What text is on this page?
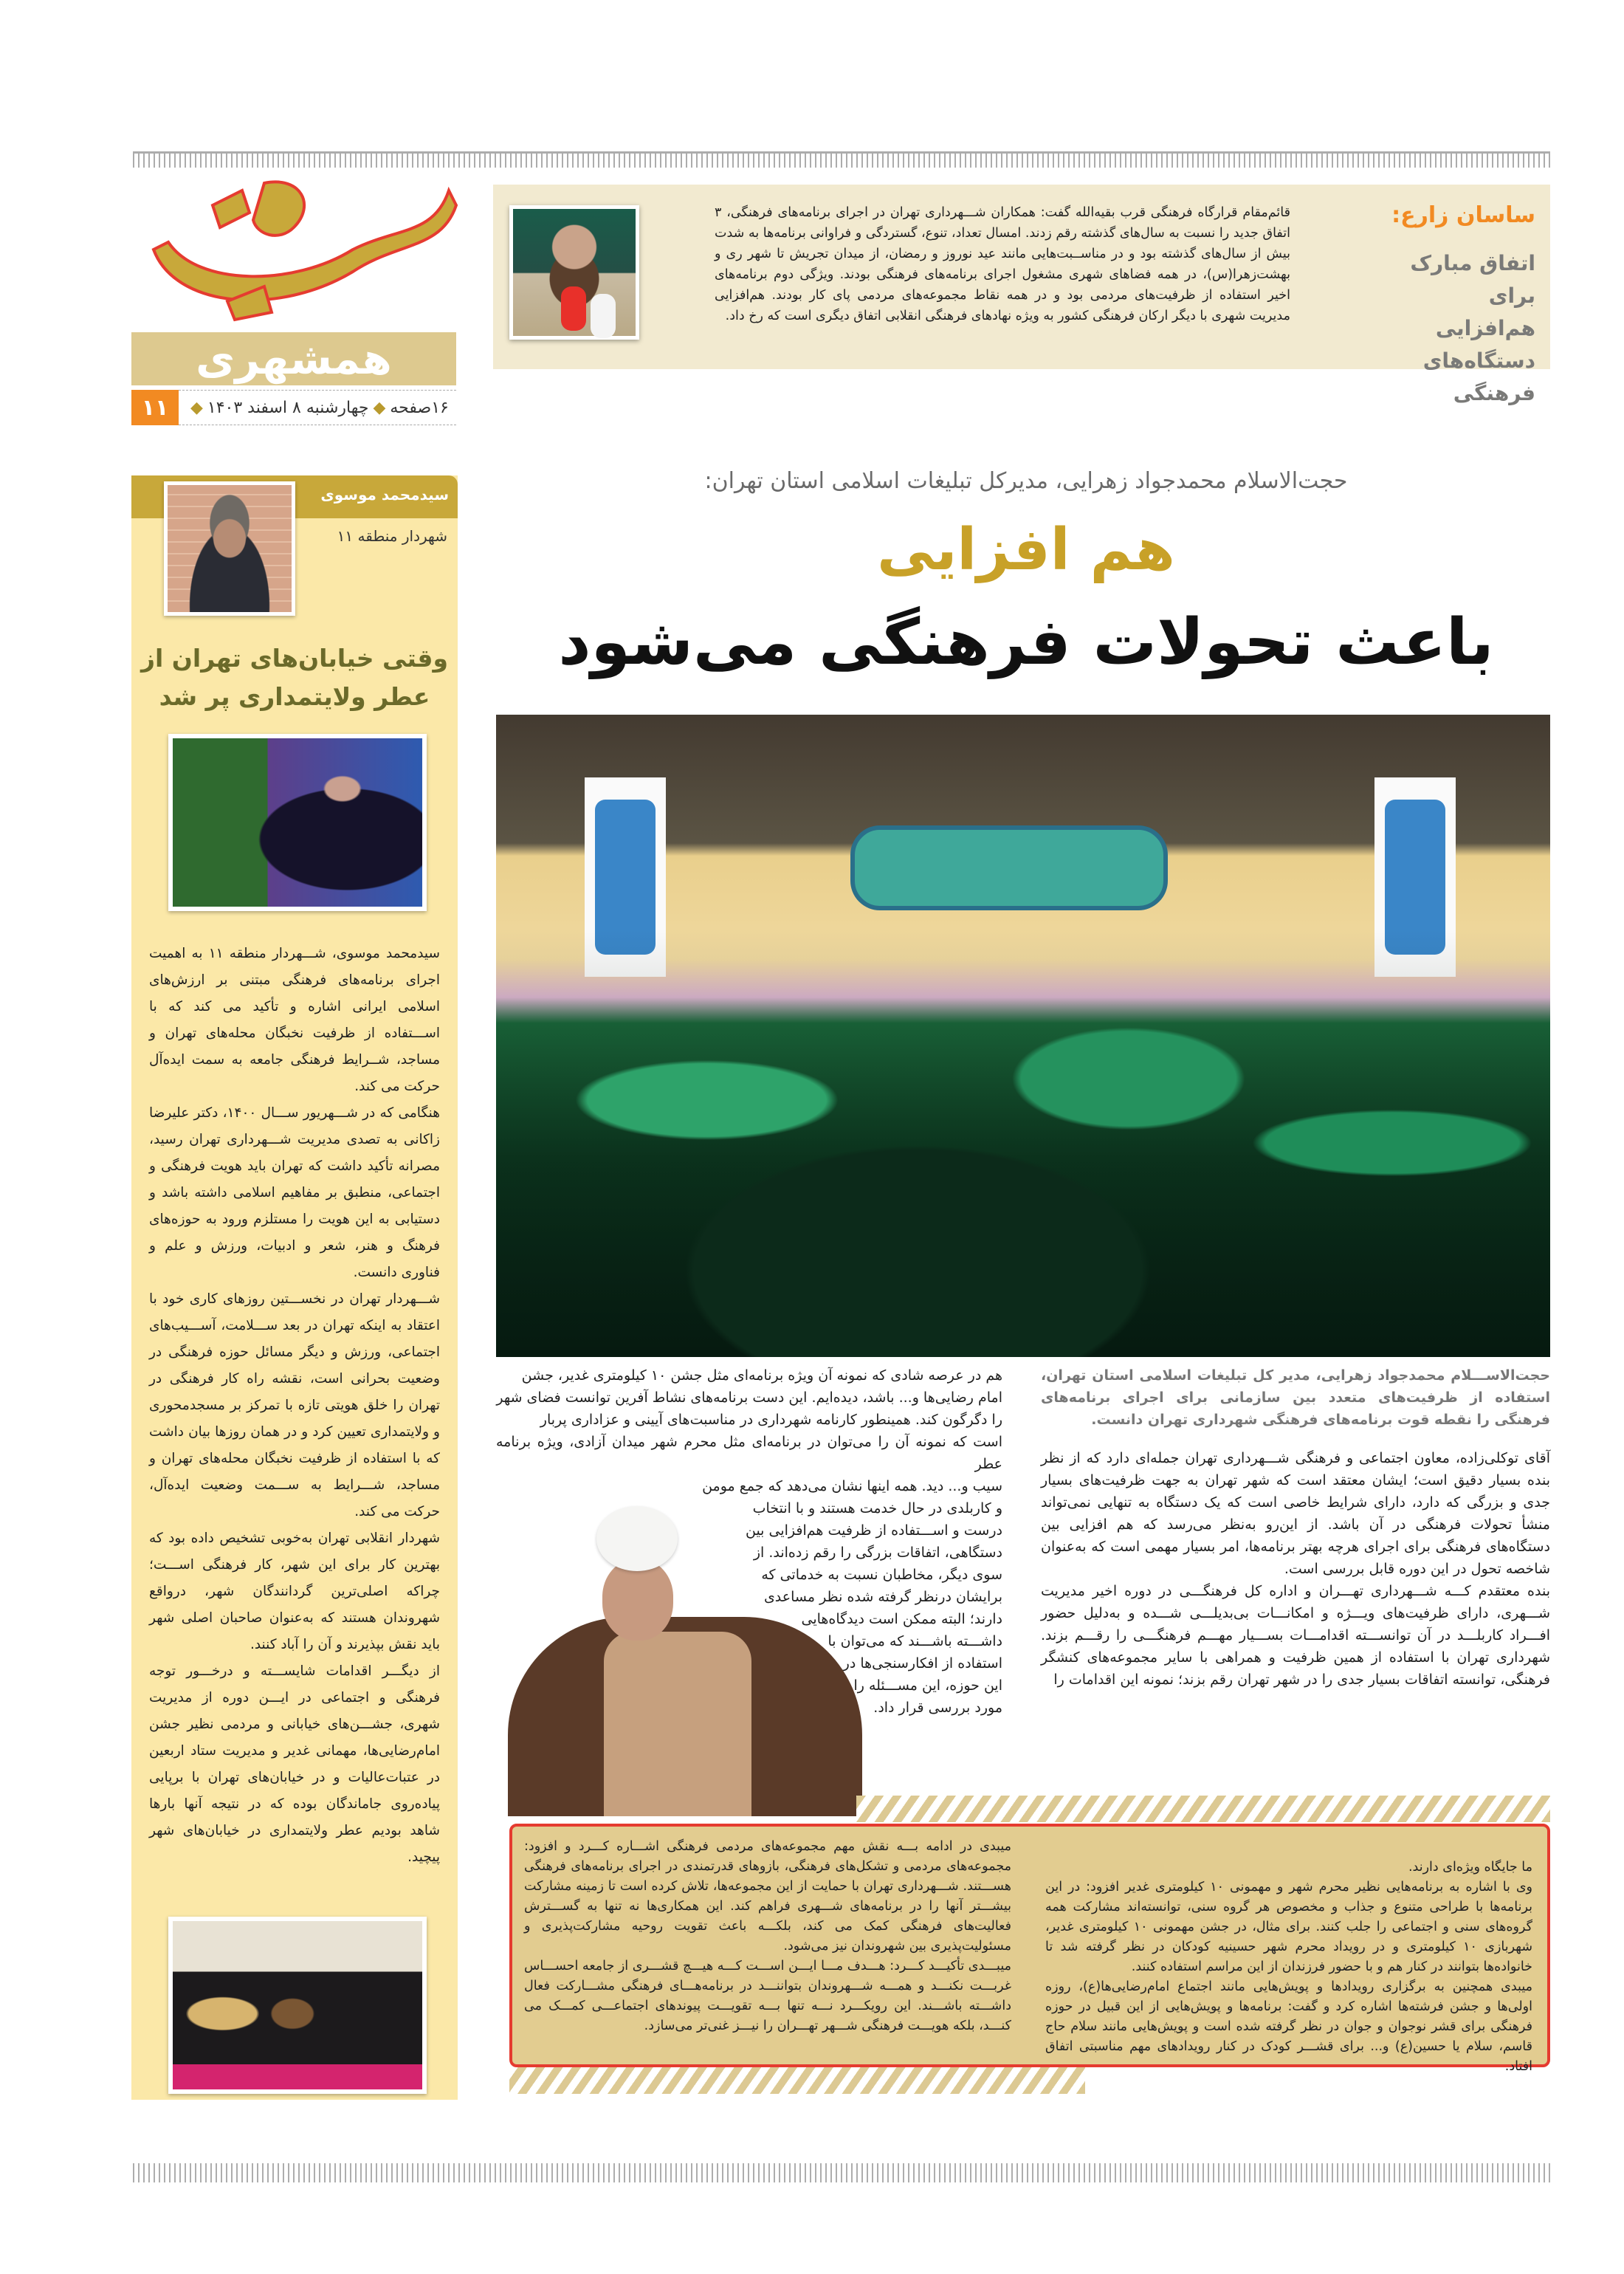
مسیر خدمت
همشهری
۱۱	۱۶صفحه
◆
چهارشنبه ۸ اسفند ۱۴۰۳
◆
ساسان زارع:
اتفاق مبارک برای هم‌افزایی دستگاه‌های فرهنگی
قائم‌مقام قرارگاه فرهنگی قرب بقیه‌الله گفت: همکاران شـــهرداری تهران در اجرای برنامه‌های فرهنگی، ۳ اتفاق جدید را نسبت به سال‌های گذشته رقم زدند. امسال تعداد، تنوع، گستردگی و فراوانی برنامه‌ها به شدت بیش از سال‌های گذشته بود و در مناســبت‌هایی مانند عید نوروز و رمضان، از میدان تجریش تا شهر ری و بهشت‌زهرا(س)، در همه فضاهای شهری مشغول اجرای برنامه‌های فرهنگی بودند. ویژگی دوم برنامه‌های اخیر استفاده از ظرفیت‌های مردمی بود و در همه نقاط مجموعه‌های مردمی پای کار بودند. هم‌افزایی مدیریت شهری با دیگر ارکان فرهنگی کشور به ویژه نهادهای فرهنگی انقلابی اتفاق دیگری است که رخ داد.
سیدمحمد موسوی
شهردار منطقه ۱۱
وقتی خیابان‌های تهران از عطر ولایتمداری پر شد

سیدمحمد موسوی، شـــهردار منطقه ۱۱ به اهمیت اجرای برنامه‌های فرهنگی مبتنی بر ارزش‌های اسلامی ایرانی اشاره و تأکید می کند که با اســـتفاده از ظرفیت نخبگان محله‌های تهران و مساجد، شــرایط فرهنگی جامعه به سمت ایده‌آل حرکت می کند.

هنگامی که در شـــهریور ســـال ۱۴۰۰، دکتر علیرضا زاکانی به تصدی مدیریت شـــهرداری تهران رسید، مصرانه تأکید داشت که تهران باید هویت فرهنگی و اجتماعی، منطبق بر مفاهیم اسلامی داشته باشد و دستیابی به این هویت را مستلزم ورود به حوزه‌های فرهنگ و هنر، شعر و ادبیات، ورزش و علم و فناوری دانست.

شـــهردار تهران در نخســـتین روزهای کاری خود با اعتقاد به اینکه تهران در بعد ســـلامت، آســـیب‌های اجتماعی، ورزش و دیگر مسائل حوزه فرهنگی در وضعیت بحرانی است، نقشه راه کار فرهنگی در تهران را خلق هویتی تازه با تمرکز بر مسجدمحوری و ولایتمداری تعیین کرد و در همان روزها بیان داشت که با استفاده از ظرفیت نخبگان محله‌های تهران و مساجد، شـــرایط به ســـمت وضعیت ایده‌آل، حرکت می کند.

شهردار انقلابی تهران به‌خوبی تشخیص داده بود که بهترین کار برای این شهر، کار فرهنگی اســـت؛ چراکه اصلی‌ترین گردانندگان شهر، درواقع شهروندان هستند که به‌عنوان صاحبان اصلی شهر باید نقش بپذیرند و آن را آباد کنند.

از دیگـــر اقدامات شایســـته و درخـــور توجه فرهنگی و اجتماعی در ایـــن دوره از مدیریت شهری، جشـــن‌های خیابانی و مردمی نظیر جشن امام‌رضایی‌ها، مهمانی غدیر و مدیریت ستاد اربعین در عتبات‌عالیات و در خیابان‌های تهران با برپایی پیاده‌روی جاماندگان بوده که در نتیجه آنها بارها شاهد بودیم عطر ولایتمداری در خیابان‌های شهر پیچید.

حجت‌الاسلام محمدجواد زهرایی، مدیرکل تبلیغات اسلامی استان تهران:
هم افزایی
باعث تحولات فرهنگی می‌شود
حجت‌الاســـلام محمدجواد زهرایی، مدیر کل تبلیغات اسلامی استان تهران، استفاده از ظرفیت‌های متعدد بین سازمانی برای اجرای برنامه‌های فرهنگی را نقطه قوت برنامه‌های فرهنگی شهرداری تهران دانست.

آقای توکلی‌زاده، معاون اجتماعی و فرهنگی شـــهرداری تهران جمله‌ای دارد که از نظر بنده بسیار دقیق است؛ ایشان معتقد است که شهر تهران به جهت ظرفیت‌های بسیار جدی و بزرگی که دارد، دارای شرایط خاصی است که یک دستگاه به تنهایی نمی‌تواند منشأ تحولات فرهنگی در آن باشد. از این‌رو به‌نظر می‌رسد که هم افزایی بین دستگاه‌های فرهنگی برای اجرای هرچه بهتر برنامه‌ها، امر بسیار مهمی است که به‌عنوان شاخصه تحول در این دوره قابل بررسی است.

بنده معتقدم کـــه شـــهرداری تهـــران و اداره کل فرهنگـــی در دوره اخیر مدیریت شـــهری، دارای ظرفیت‌های ویـــژه و امکانـــات بی‌بدیلـــی شـــده و به‌دلیل حضور افـــراد کاربلـــد در آن توانســـته اقدامـــات بســـیار مهـــم فرهنگـــی را رقـــم بزند. شهرداری تهران با استفاده از همین ظرفیت و همراهی با سایر مجموعه‌های کنشگر فرهنگی، توانسته اتفاقات بسیار جدی را در شهر تهران رقم بزند؛ نمونه این اقدامات را

هم در عرصه شادی که نمونه آن ویژه برنامه‌ای مثل جشن ۱۰ کیلومتری غدیر، جشن
امام رضایی‌ها و... باشد، دیده‌ایم. این دست برنامه‌های نشاط آفرین توانست فضای شهر
را دگرگون کند. همینطور کارنامه شهرداری در مناسبت‌های آیینی و عزاداری پربار
است که نمونه آن را می‌توان در برنامه‌ای مثل محرم شهر میدان آزادی، ویژه برنامه عطر
سیب و... دید. همه اینها نشان می‌دهد که جمع مومن
و کاربلدی در حال خدمت هستند و با انتخاب
درست و اســـتفاده از ظرفیت هم‌افزایی بین
دستگاهی، اتفاقات بزرگی را رقم زده‌اند. از
سوی دیگر، مخاطبان نسبت به خدماتی که
برایشان درنظر گرفته شده نظر مساعدی
دارند؛ البته ممکن است دیدگاه‌هایی
داشـــته باشـــند که می‌توان با
استفاده از افکارسنجی‌ها در
این حوزه، این مســـئله را
مورد بررسی قرار داد.

ما جایگاه ویژه‌ای دارند.

وی با اشاره به برنامه‌هایی نظیر محرم شهر و مهمونی ۱۰ کیلومتری غدیر افزود: در این برنامه‌ها با طراحی متنوع و جذاب و مخصوص هر گروه سنی، توانسته‌اند مشارکت همه گروه‌های سنی و اجتماعی را جلب کنند. برای مثال، در جشن مهمونی ۱۰ کیلومتری غدیر، شهربازی ۱۰ کیلومتری و در رویداد محرم شهر حسینیه کودکان در نظر گرفته شد تا خانواده‌ها بتوانند در کنار هم و با حضور فرزندان از این مراسم استفاده کنند.

میبدی همچنین به برگزاری رویدادها و پویش‌هایی مانند اجتماع امام‌رضایی‌ها(ع)، روزه اولی‌ها و جشن فرشته‌ها اشاره کرد و گفت: برنامه‌ها و پویش‌هایی از این قبیل در حوزه فرهنگی برای قشر نوجوان و جوان در نظر گرفته شده است و پویش‌هایی مانند سلام حاج قاسم، سلام یا حسین(ع) و... برای قشـــر کودک در کنار رویدادهای مهم مناسبتی اتفاق افتاد.

میبدی در ادامه بـــه نقش مهم مجموعه‌های مردمی فرهنگی اشـــاره کـــرد و افزود: مجموعه‌های مردمی و تشکل‌های فرهنگی، بازوهای قدرتمندی در اجرای برنامه‌های فرهنگی هســـتند. شـــهرداری تهران با حمایت از این مجموعه‌ها، تلاش کرده است تا زمینه مشارکت بیشـــتر آنها را در برنامه‌های شـــهری فراهم کند. این همکاری‌ها نه تنها به گســـترش فعالیت‌های فرهنگی کمک می کند، بلکـــه باعث تقویت روحیه مشارکت‌پذیری و مسئولیت‌پذیری بین شهروندان نیز می‌شود.

میبـــدی تأکیـــد کـــرد: هـــدف مـــا ایـــن اســـت کـــه هیـــچ قشـــری از جامعه احســـاس غربـــت نکنـــد و همـــه شـــهروندان بتواننـــد در برنامه‌هـــای فرهنگی مشـــارکت فعال داشـــته باشـــند. این رویکـــرد نـــه تنها بـــه تقویـــت پیوندهای اجتماعـــی کمـــک می کنـــد، بلکه هویـــت فرهنگی شـــهر تهـــران را نیـــز غنی‌تر می‌سازد.
